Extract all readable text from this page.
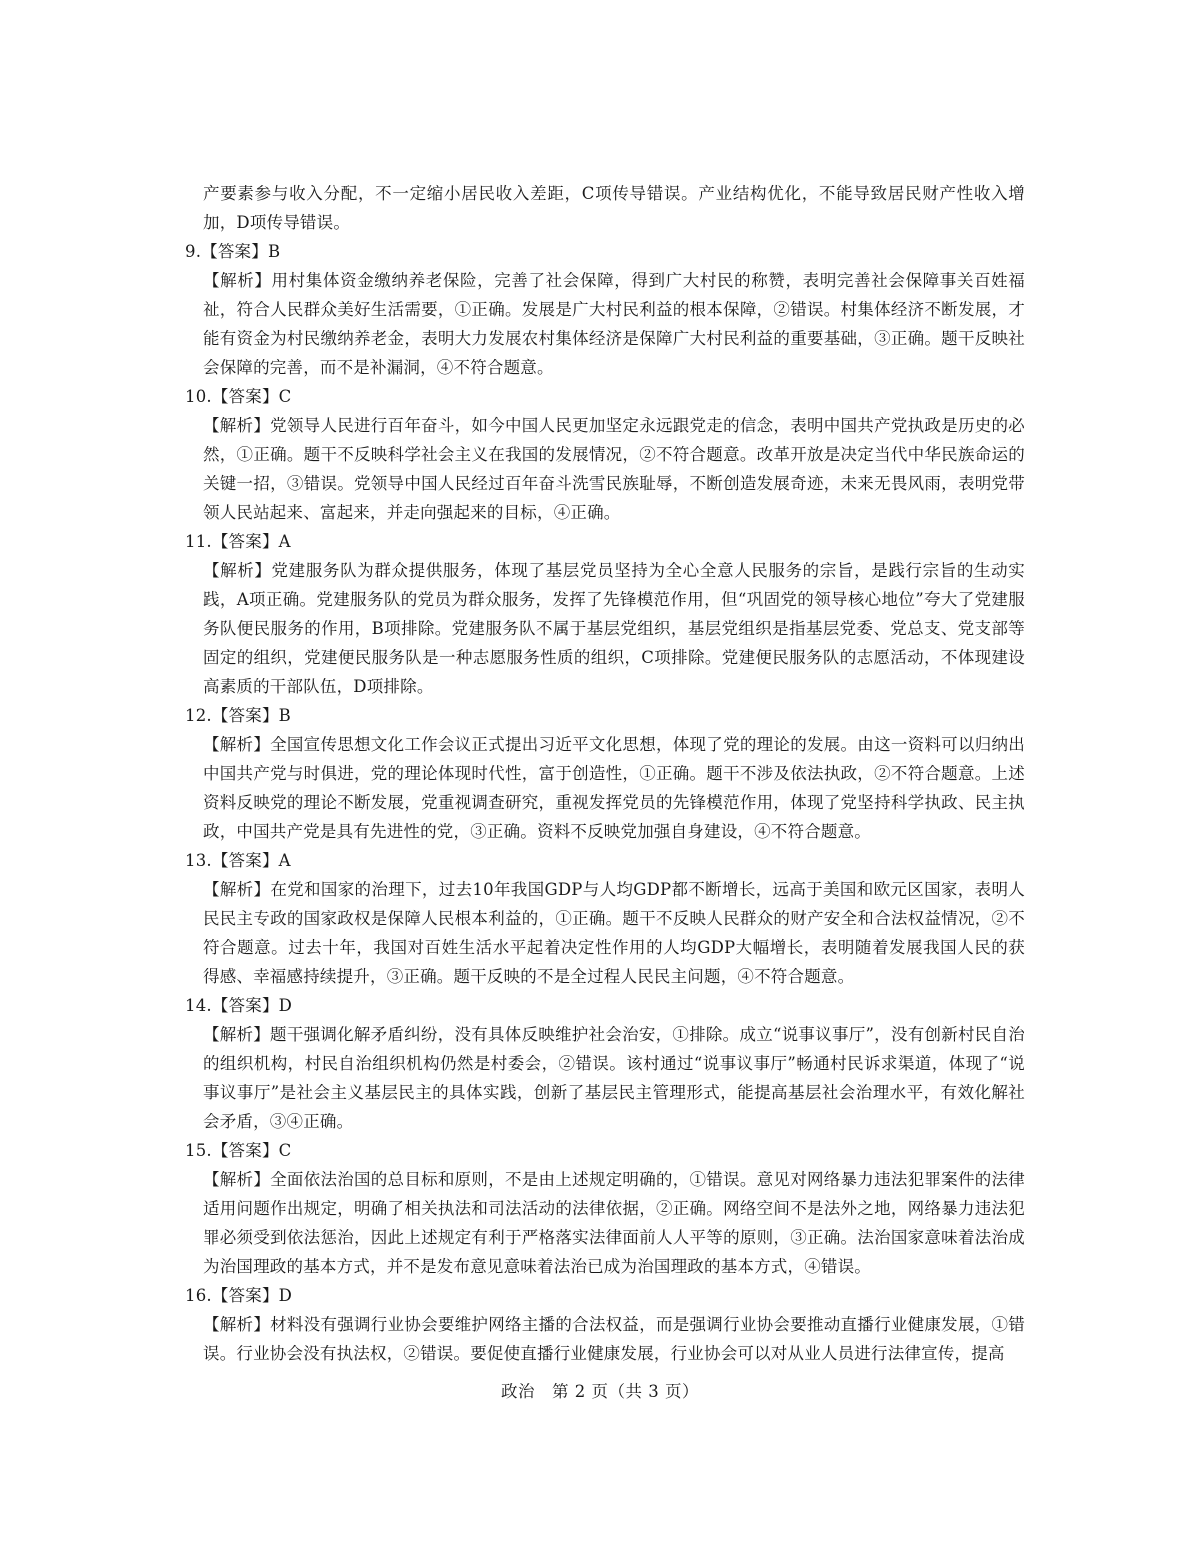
产要素参与收入分配，不一定缩小居民收入差距，C项传导错误。产业结构优化，不能导致居民财产性收入增加，D项传导错误。

9.【答案】B

【解析】用村集体资金缴纳养老保险，完善了社会保障，得到广大村民的称赞，表明完善社会保障事关百姓福祉，符合人民群众美好生活需要，①正确。发展是广大村民利益的根本保障，②错误。村集体经济不断发展，才能有资金为村民缴纳养老金，表明大力发展农村集体经济是保障广大村民利益的重要基础，③正确。题干反映社会保障的完善，而不是补漏洞，④不符合题意。

10.【答案】C

【解析】党领导人民进行百年奋斗，如今中国人民更加坚定永远跟党走的信念，表明中国共产党执政是历史的必然，①正确。题干不反映科学社会主义在我国的发展情况，②不符合题意。改革开放是决定当代中华民族命运的关键一招，③错误。党领导中国人民经过百年奋斗洗雪民族耻辱，不断创造发展奇迹，未来无畏风雨，表明党带领人民站起来、富起来，并走向强起来的目标，④正确。

11.【答案】A

【解析】党建服务队为群众提供服务，体现了基层党员坚持为全心全意人民服务的宗旨，是践行宗旨的生动实践，A项正确。党建服务队的党员为群众服务，发挥了先锋模范作用，但“巩固党的领导核心地位”夸大了党建服务队便民服务的作用，B项排除。党建服务队不属于基层党组织，基层党组织是指基层党委、党总支、党支部等固定的组织，党建便民服务队是一种志愿服务性质的组织，C项排除。党建便民服务队的志愿活动，不体现建设高素质的干部队伍，D项排除。

12.【答案】B

【解析】全国宣传思想文化工作会议正式提出习近平文化思想，体现了党的理论的发展。由这一资料可以归纳出中国共产党与时俱进，党的理论体现时代性，富于创造性，①正确。题干不涉及依法执政，②不符合题意。上述资料反映党的理论不断发展，党重视调查研究，重视发挥党员的先锋模范作用，体现了党坚持科学执政、民主执政，中国共产党是具有先进性的党，③正确。资料不反映党加强自身建设，④不符合题意。

13.【答案】A

【解析】在党和国家的治理下，过去10年我国GDP与人均GDP都不断增长，远高于美国和欧元区国家，表明人民民主专政的国家政权是保障人民根本利益的，①正确。题干不反映人民群众的财产安全和合法权益情况，②不符合题意。过去十年，我国对百姓生活水平起着决定性作用的人均GDP大幅增长，表明随着发展我国人民的获得感、幸福感持续提升，③正确。题干反映的不是全过程人民民主问题，④不符合题意。

14.【答案】D

【解析】题干强调化解矛盾纠纷，没有具体反映维护社会治安，①排除。成立“说事议事厅”，没有创新村民自治的组织机构，村民自治组织机构仍然是村委会，②错误。该村通过“说事议事厅”畅通村民诉求渠道，体现了“说事议事厅”是社会主义基层民主的具体实践，创新了基层民主管理形式，能提高基层社会治理水平，有效化解社会矛盾，③④正确。

15.【答案】C

【解析】全面依法治国的总目标和原则，不是由上述规定明确的，①错误。意见对网络暴力违法犯罪案件的法律适用问题作出规定，明确了相关执法和司法活动的法律依据，②正确。网络空间不是法外之地，网络暴力违法犯罪必须受到依法惩治，因此上述规定有利于严格落实法律面前人人平等的原则，③正确。法治国家意味着法治成为治国理政的基本方式，并不是发布意见意味着法治已成为治国理政的基本方式，④错误。

16.【答案】D

【解析】材料没有强调行业协会要维护网络主播的合法权益，而是强调行业协会要推动直播行业健康发展，①错误。行业协会没有执法权，②错误。要促使直播行业健康发展，行业协会可以对从业人员进行法律宣传，提高

政治　第 2 页（共 3 页）
